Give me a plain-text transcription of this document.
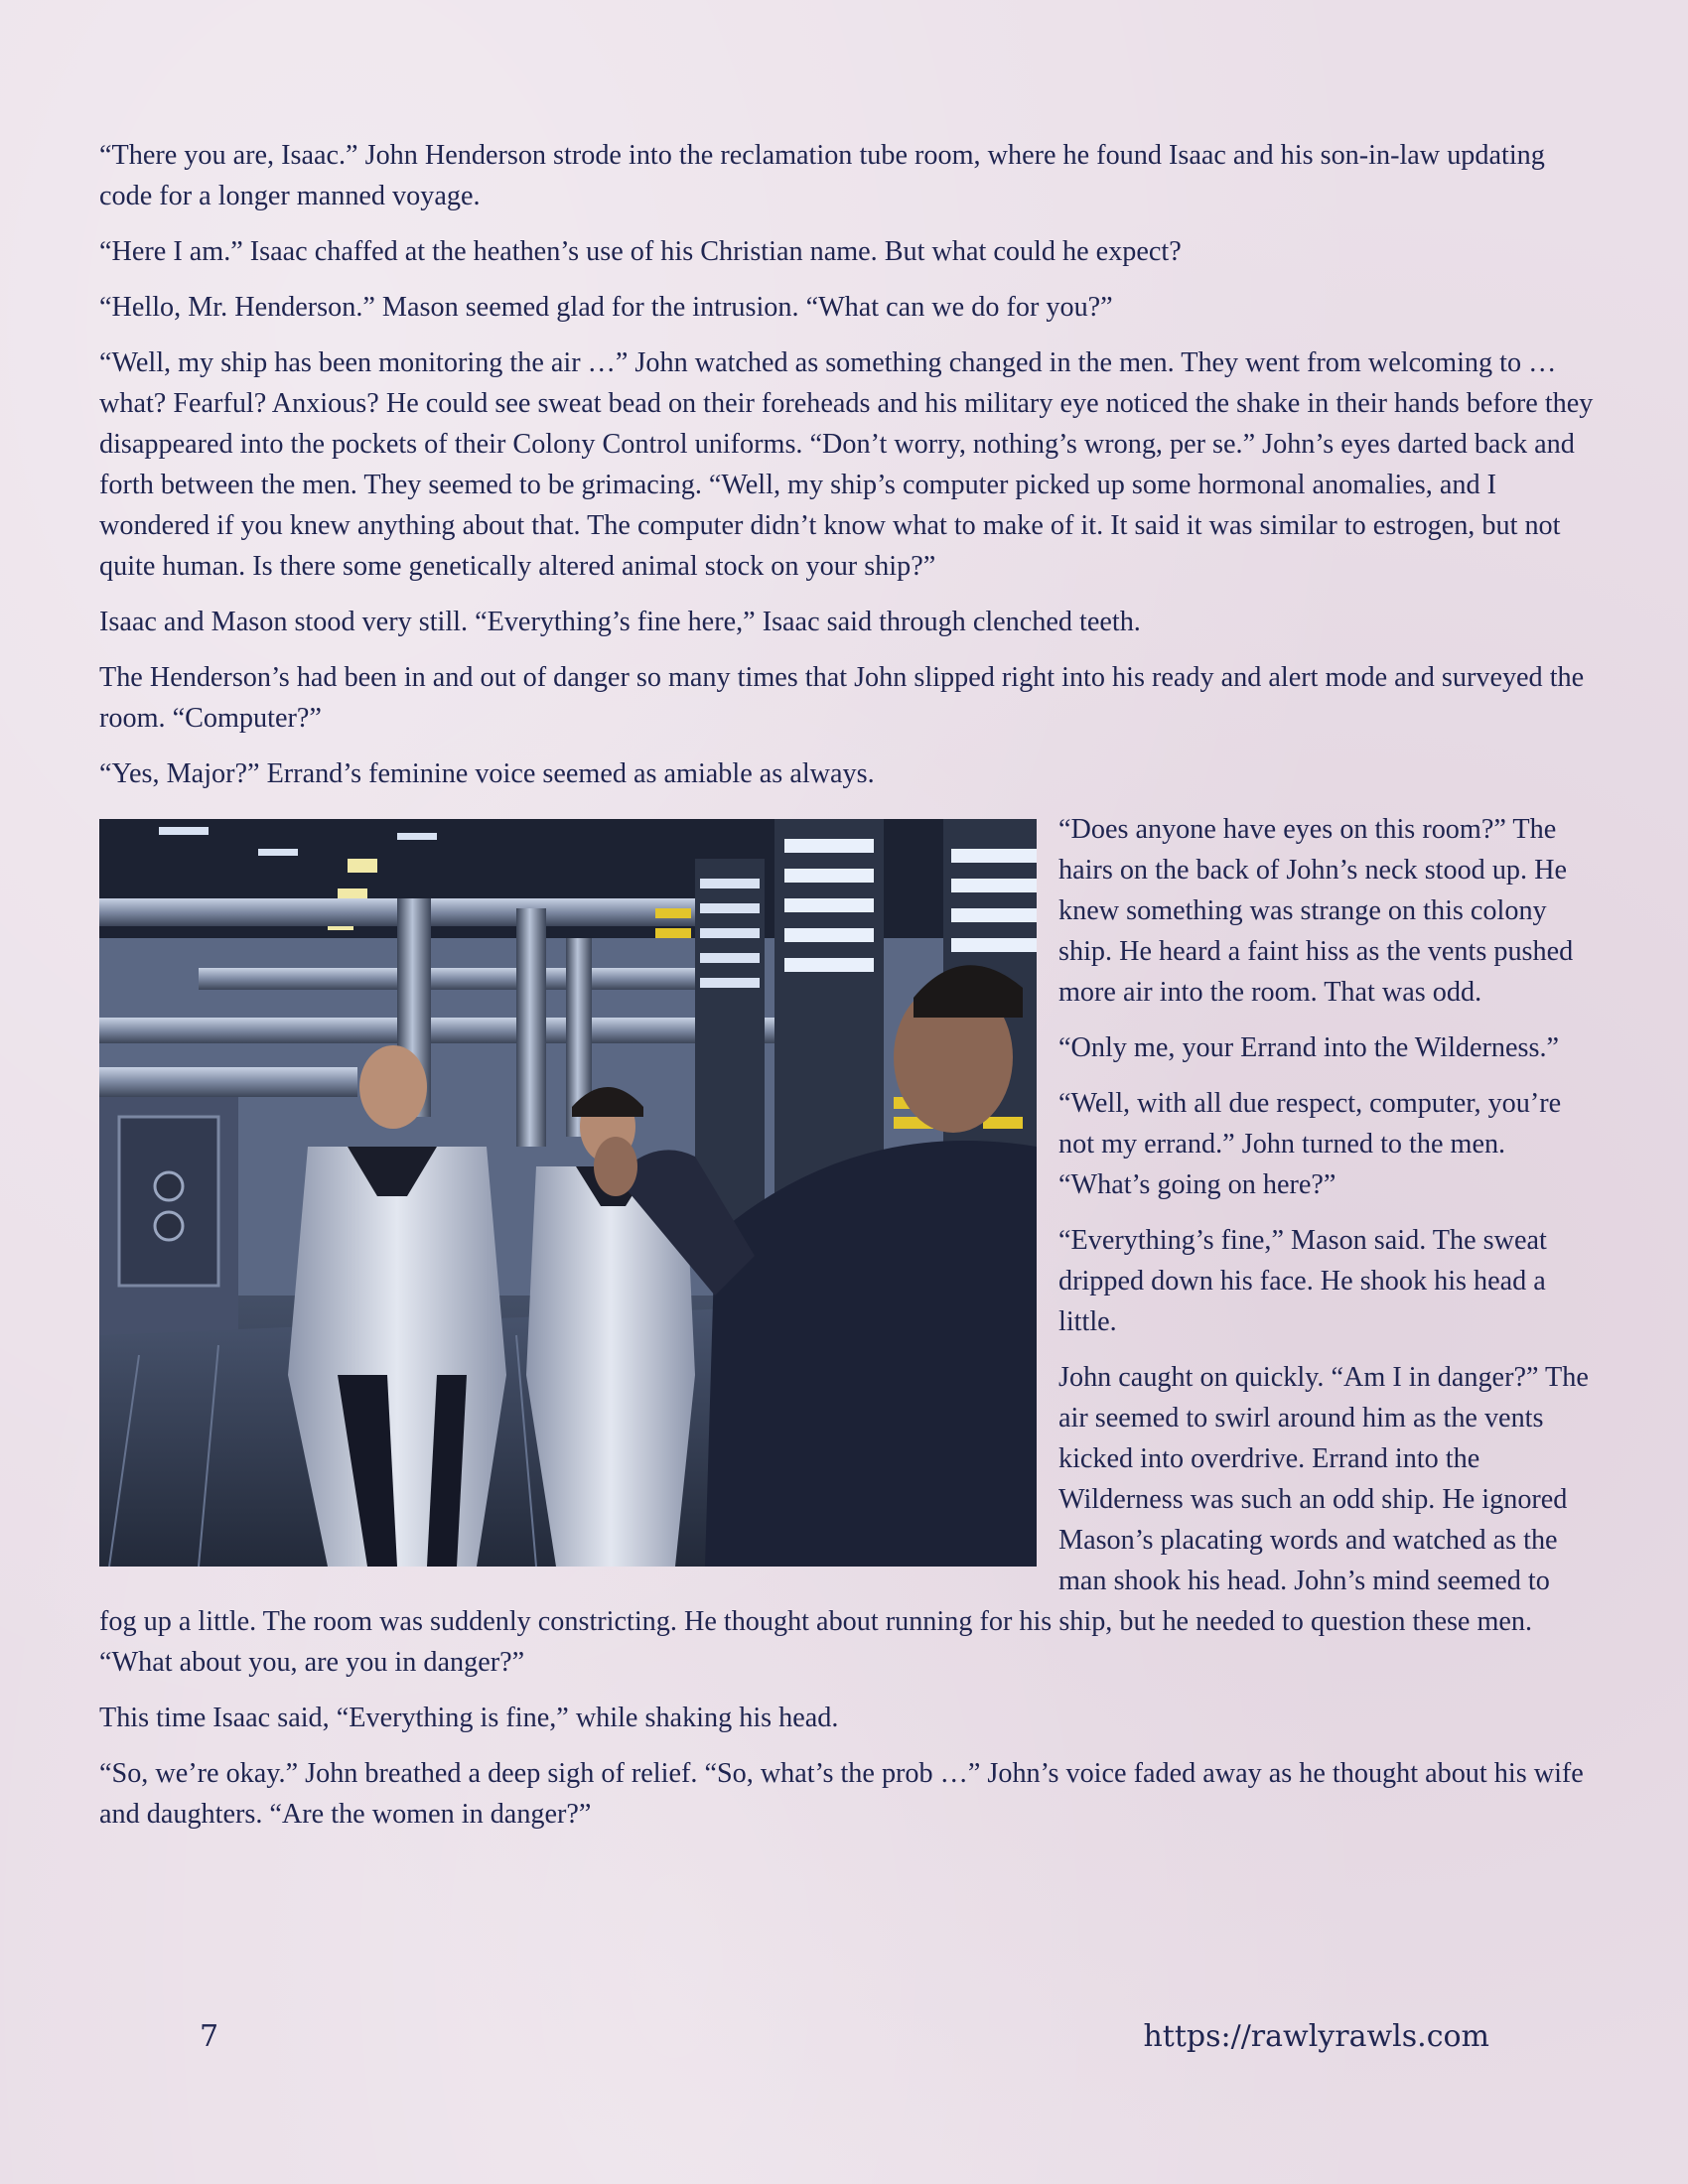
“There you are, Isaac.” John Henderson strode into the reclamation tube room, where he found Isaac and his son-in-law updating code for a longer manned voyage.

“Here I am.” Isaac chaffed at the heathen’s use of his Christian name. But what could he expect?

“Hello, Mr. Henderson.” Mason seemed glad for the intrusion. “What can we do for you?”

“Well, my ship has been monitoring the air …” John watched as something changed in the men. They went from welcoming to … what? Fearful? Anxious? He could see sweat bead on their foreheads and his military eye noticed the shake in their hands before they disappeared into the pockets of their Colony Control uniforms. “Don’t worry, nothing’s wrong, per se.” John’s eyes darted back and forth between the men. They seemed to be grimacing. “Well, my ship’s computer picked up some hormonal anomalies, and I wondered if you knew anything about that. The computer didn’t know what to make of it. It said it was similar to estrogen, but not quite human. Is there some genetically altered animal stock on your ship?”

Isaac and Mason stood very still. “Everything’s fine here,” Isaac said through clenched teeth.

The Henderson’s had been in and out of danger so many times that John slipped right into his ready and alert mode and surveyed the room. “Computer?”

“Yes, Major?” Errand’s feminine voice seemed as amiable as always.

“Does anyone have eyes on this room?” The hairs on the back of John’s neck stood up. He knew something was strange on this colony ship. He heard a faint hiss as the vents pushed more air into the room. That was odd.

“Only me, your Errand into the Wilderness.”

“Well, with all due respect, computer, you’re not my errand.” John turned to the men. “What’s going on here?”

“Everything’s fine,” Mason said. The sweat dripped down his face. He shook his head a little.

John caught on quickly. “Am I in danger?” The air seemed to swirl around him as the vents kicked into overdrive. Errand into the Wilderness was such an odd ship. He ignored Mason’s placating words and watched as the man shook his head. John’s mind seemed to fog up a little. The room was suddenly constricting. He thought about running for his ship, but he needed to question these men. “What about you, are you in danger?”

This time Isaac said, “Everything is fine,” while shaking his head.

“So, we’re okay.” John breathed a deep sigh of relief. “So, what’s the prob …” John’s voice faded away as he thought about his wife and daughters. “Are the women in danger?”

7	https://rawlyrawls.com
